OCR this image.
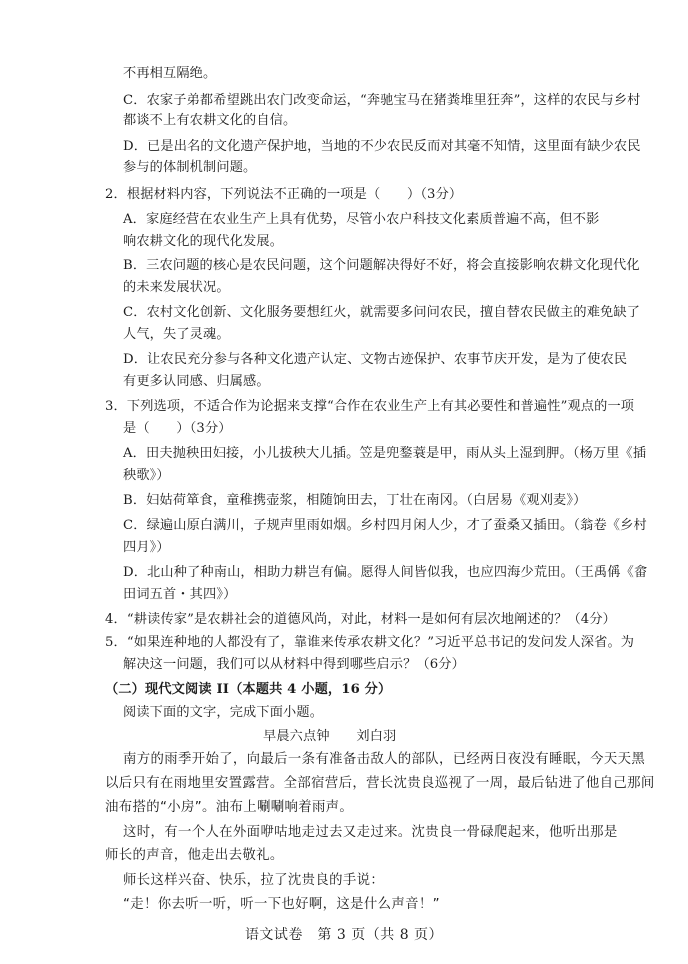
不再相互隔绝。
C．农家子弟都希望跳出农门改变命运，“奔驰宝马在猪粪堆里狂奔”，这样的农民与乡村
都谈不上有农耕文化的自信。
D．已是出名的文化遗产保护地，当地的不少农民反而对其毫不知情，这里面有缺少农民
参与的体制机制问题。
2．根据材料内容，下列说法不正确的一项是（　　）（3分）
A．家庭经营在农业生产上具有优势，尽管小农户科技文化素质普遍不高，但不影
响农耕文化的现代化发展。
B．三农问题的核心是农民问题，这个问题解决得好不好，将会直接影响农耕文化现代化
的未来发展状况。
C．农村文化创新、文化服务要想红火，就需要多问问农民，擅自替农民做主的难免缺了
人气，失了灵魂。
D．让农民充分参与各种文化遗产认定、文物古迹保护、农事节庆开发，是为了使农民
有更多认同感、归属感。
3．下列选项，不适合作为论据来支撑“合作在农业生产上有其必要性和普遍性”观点的一项
是（　　）（3分）
A．田夫抛秧田妇接，小儿拔秧大儿插。笠是兜鍪蓑是甲，雨从头上湿到胛。（杨万里《插
秧歌》）
B．妇姑荷箪食，童稚携壶浆，相随饷田去，丁壮在南冈。（白居易《观刈麦》）
C．绿遍山原白满川，子规声里雨如烟。乡村四月闲人少，才了蚕桑又插田。（翁卷《乡村
四月》）
D．北山种了种南山，相助力耕岂有偏。愿得人间皆似我，也应四海少荒田。（王禹偁《畲
田词五首・其四》）
4．“耕读传家”是农耕社会的道德风尚，对此，材料一是如何有层次地阐述的？（4分）
5．“如果连种地的人都没有了，靠谁来传承农耕文化？”习近平总书记的发问发人深省。为
解决这一问题，我们可以从材料中得到哪些启示？（6分）
（二）现代文阅读 II（本题共 4 小题，16 分）
阅读下面的文字，完成下面小题。
早晨六点钟　　刘白羽
南方的雨季开始了，向最后一条有准备击敌人的部队，已经两日夜没有睡眠，今天天黑
以后只有在雨地里安置露营。全部宿营后，营长沈贵良巡视了一周，最后钻进了他自己那间
油布搭的“小房”。油布上唰唰响着雨声。
这时，有一个人在外面咿咕地走过去又走过来。沈贵良一骨碌爬起来，他听出那是
师长的声音，他走出去敬礼。
师长这样兴奋、快乐，拉了沈贵良的手说：
“走！你去听一听，听一下也好啊，这是什么声音！”
语文试卷　第 3 页（共 8 页）
